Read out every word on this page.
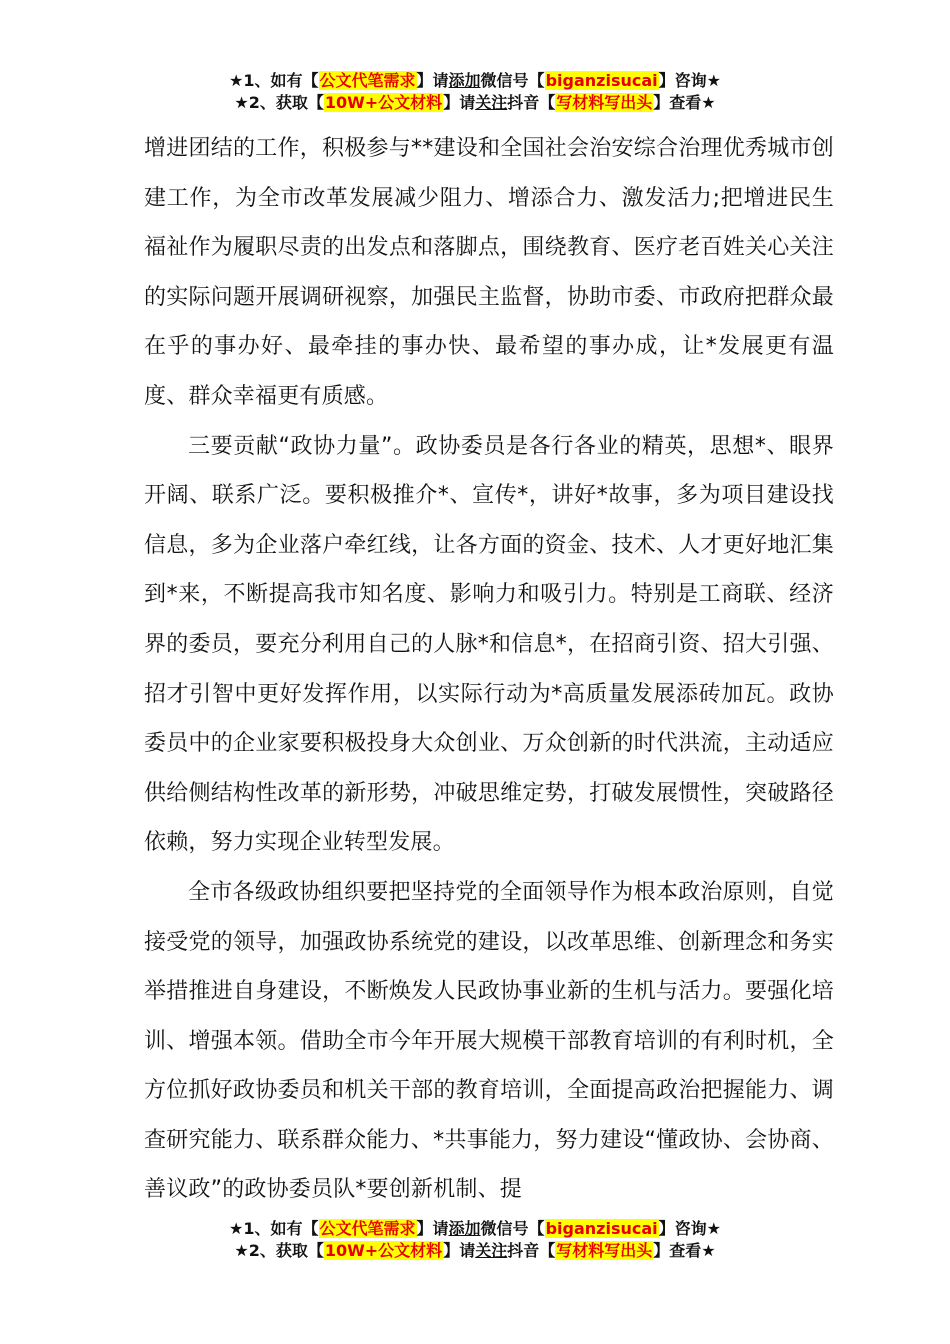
★1、如有【公文代笔需求】请添加微信号【biganzisucai】咨询★
★2、获取【10W+公文材料】请关注抖音【写材料写出头】查看★

增进团结的工作，积极参与**建设和全国社会治安综合治理优秀城市创建工作，为全市改革发展减少阻力、增添合力、激发活力;把增进民生福祉作为履职尽责的出发点和落脚点，围绕教育、医疗老百姓关心关注的实际问题开展调研视察，加强民主监督，协助市委、市政府把群众最在乎的事办好、最牵挂的事办快、最希望的事办成，让*发展更有温度、群众幸福更有质感。

三要贡献“政协力量”。政协委员是各行各业的精英，思想*、眼界开阔、联系广泛。要积极推介*、宣传*，讲好*故事，多为项目建设找信息，多为企业落户牵红线，让各方面的资金、技术、人才更好地汇集到*来，不断提高我市知名度、影响力和吸引力。特别是工商联、经济界的委员，要充分利用自己的人脉*和信息*，在招商引资、招大引强、招才引智中更好发挥作用，以实际行动为*高质量发展添砖加瓦。政协委员中的企业家要积极投身大众创业、万众创新的时代洪流，主动适应供给侧结构性改革的新形势，冲破思维定势，打破发展惯性，突破路径依赖，努力实现企业转型发展。

全市各级政协组织要把坚持党的全面领导作为根本政治原则，自觉接受党的领导，加强政协系统党的建设，以改革思维、创新理念和务实举措推进自身建设，不断焕发人民政协事业新的生机与活力。要强化培训、增强本领。借助全市今年开展大规模干部教育培训的有利时机，全方位抓好政协委员和机关干部的教育培训，全面提高政治把握能力、调查研究能力、联系群众能力、*共事能力，努力建设“懂政协、会协商、善议政”的政协委员队*要创新机制、提

★1、如有【公文代笔需求】请添加微信号【biganzisucai】咨询★
★2、获取【10W+公文材料】请关注抖音【写材料写出头】查看★
